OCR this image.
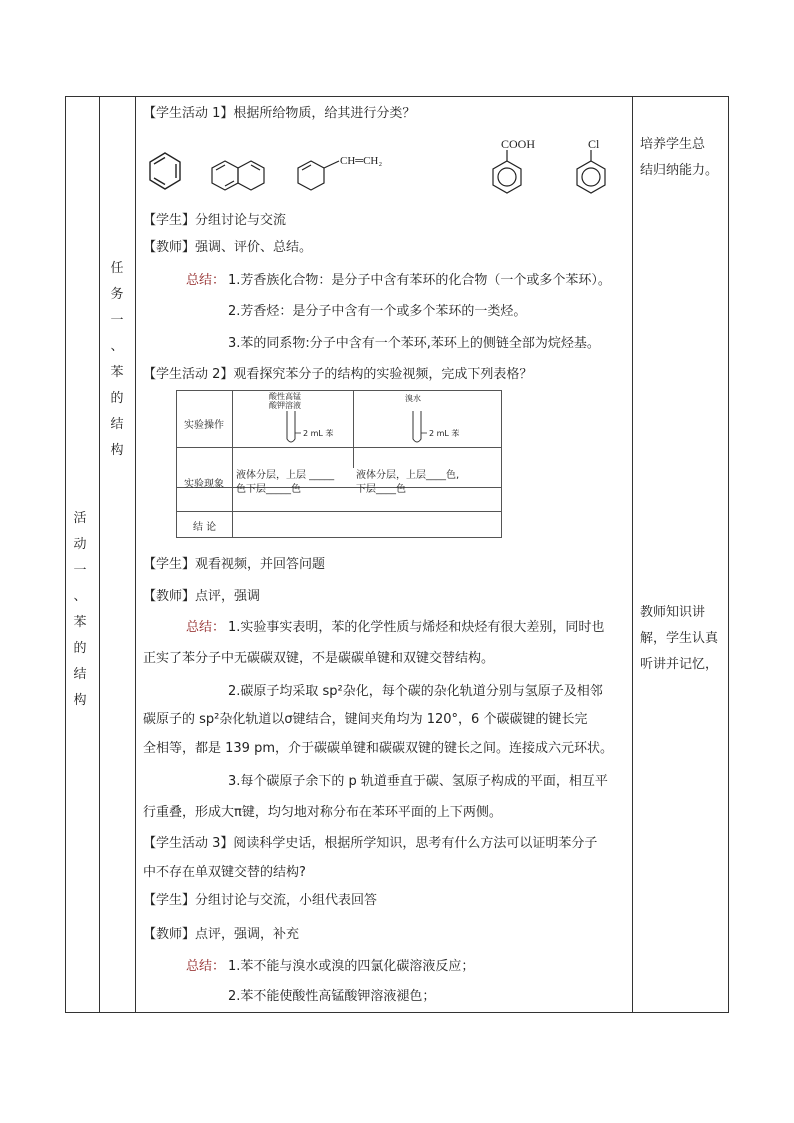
活
动
一
、
苯
的
结
构
任
务
一
、
苯
的
结
构
培养学生总
结归纳能力。
教师知识讲
解，学生认真
听讲并记忆，
【学生活动 1】根据所给物质，给其进行分类？
CH═CH₂
COOH	Cl
【学生】分组讨论与交流
【教师】强调、评价、总结。
总结： 1.芳香族化合物：是分子中含有苯环的化合物（一个或多个苯环）。
2.芳香烃：是分子中含有一个或多个苯环的一类烃。
3.苯的同系物:分子中含有一个苯环,苯环上的侧链全部为烷烃基。
【学生活动 2】观看探究苯分子的结构的实验视频，完成下列表格？
实验操作
实验现象
结 论
酸性高锰
酸钾溶液
溴水
2 mL 苯	2 mL 苯
液体分层，上层 _____
色下层_____色
液体分层，上层____色,
下层____色
【学生】观看视频，并回答问题
【教师】点评，强调
总结： 1.实验事实表明，苯的化学性质与烯烃和炔烃有很大差别，同时也
正实了苯分子中无碳碳双键，不是碳碳单键和双键交替结构。
2.碳原子均采取 sp²杂化，每个碳的杂化轨道分别与氢原子及相邻
碳原子的 sp²杂化轨道以σ键结合，键间夹角均为 120°，6 个碳碳键的键长完
全相等，都是 139 pm，介于碳碳单键和碳碳双键的键长之间。连接成六元环状。
3.每个碳原子余下的 p 轨道垂直于碳、氢原子构成的平面，相互平
行重叠，形成大π键，均匀地对称分布在苯环平面的上下两侧。
【学生活动 3】阅读科学史话，根据所学知识，思考有什么方法可以证明苯分子
中不存在单双键交替的结构?
【学生】分组讨论与交流，小组代表回答
【教师】点评，强调，补充
总结： 1.苯不能与溴水或溴的四氯化碳溶液反应；
2.苯不能使酸性高锰酸钾溶液褪色；
